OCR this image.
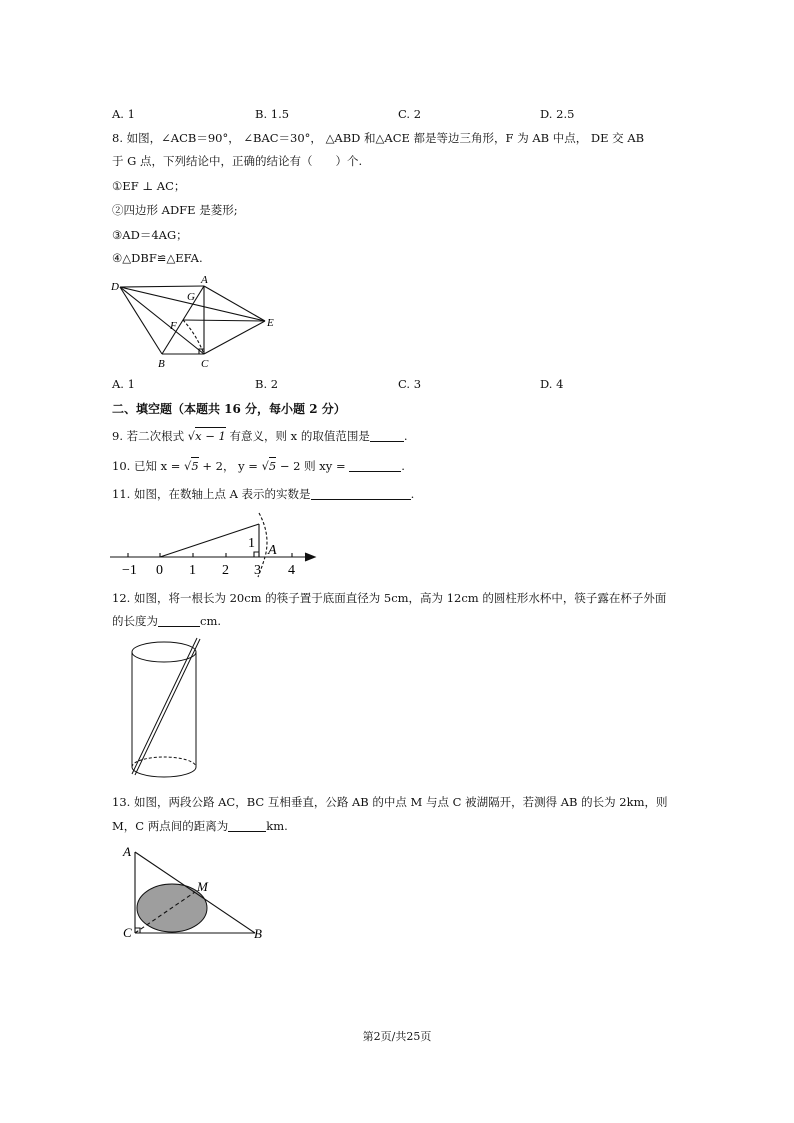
A. 1	B. 1.5	C. 2	D. 2.5
8. 如图，∠ACB＝90°， ∠BAC＝30°， △ABD 和△ACE 都是等边三角形，F 为 AB 中点， DE 交 AB
于 G 点，下列结论中，正确的结论有（　　）个.
①EF ⊥ AC；
②四边形 ADFE 是菱形;
③AD＝4AG；
④△DBF≌△EFA.
D
A
G
F	E
B	C
A. 1	B. 2	C. 3	D. 4
二、填空题（本题共 16 分，每小题 2 分）
9. 若二次根式 √x − 1 有意义，则 x 的取值范围是	.
10. 已知 x = √5 + 2， y = √5 − 2 则 xy =	.
11. 如图，在数轴上点 A 表示的实数是	.
−1 0 1 2 3 4
1 A
12. 如图，将一根长为 20cm 的筷子置于底面直径为 5cm，高为 12cm 的圆柱形水杯中，筷子露在杯子外面
的长度为	cm.
13. 如图，两段公路 AC，BC 互相垂直，公路 AB 的中点 M 与点 C 被湖隔开，若测得 AB 的长为 2km，则
M，C 两点间的距离为	km.
A
M
C	B
第2页/共25页
